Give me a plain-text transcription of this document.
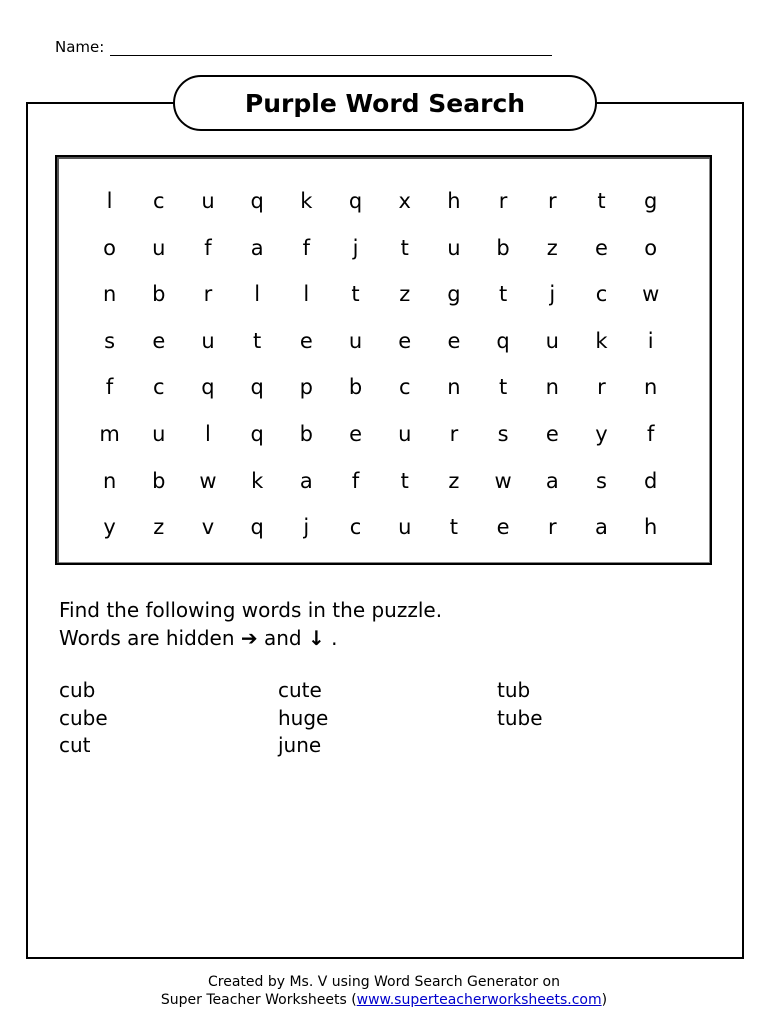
Name:
Purple Word Search
l	c	u	q	k	q	x	h	r	r	t	g
o	u	f	a	f	j	t	u	b	z	e	o
n	b	r	l	l	t	z	g	t	j	c	w
s	e	u	t	e	u	e	e	q	u	k	i
f	c	q	q	p	b	c	n	t	n	r	n
m	u	l	q	b	e	u	r	s	e	y	f
n	b	w	k	a	f	t	z	w	a	s	d
y	z	v	q	j	c	u	t	e	r	a	h
Find the following words in the puzzle.
Words are hidden ➔ and ↓ .
cub	cute	tub
cube	huge	tube
cut	june
Created by Ms. V using Word Search Generator on
Super Teacher Worksheets (www.superteacherworksheets.com)
